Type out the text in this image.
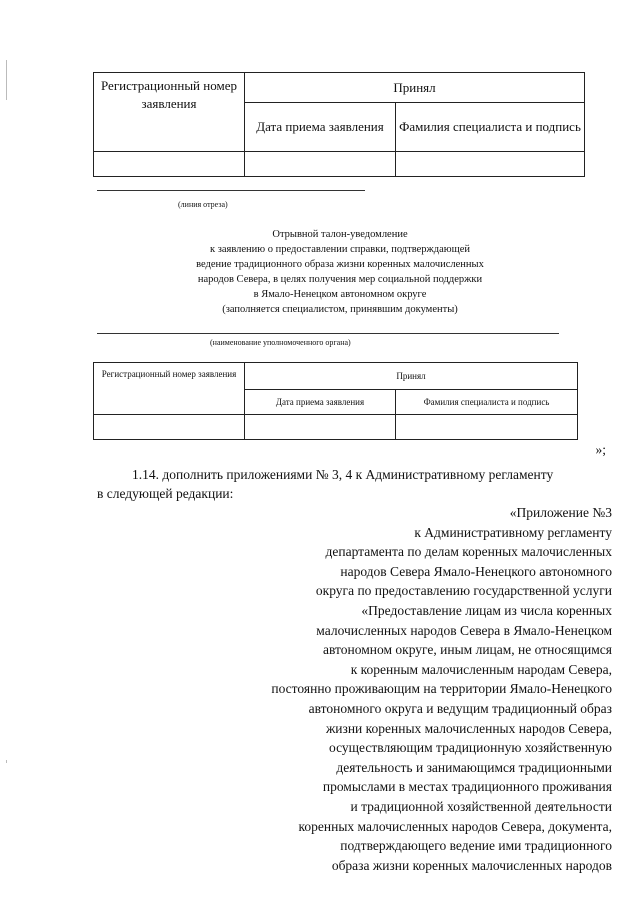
Регистрационный номер заявления	Принял	
	Дата приема заявления	Фамилия специалиста и подпись

(линия отреза)
Отрывной талон-уведомление
к заявлению о предоставлении справки, подтверждающей
ведение традиционного образа жизни коренных малочисленных
народов Севера, в целях получения мер социальной поддержки
в Ямало-Ненецком автономном округе
(заполняется специалистом, принявшим документы)
(наименование уполномоченного органа)
Регистрационный номер заявления	Принял	
	Дата приема заявления	Фамилия специалиста и подпись

»;
1.14. дополнить приложениями № 3, 4 к Административному регламенту
в следующей редакции:
«Приложение №3
к Административному регламенту
департамента по делам коренных малочисленных
народов Севера Ямало-Ненецкого автономного
округа по предоставлению государственной услуги
«Предоставление лицам из числа коренных
малочисленных народов Севера в Ямало-Ненецком
автономном округе, иным лицам, не относящимся
к коренным малочисленным народам Севера,
постоянно проживающим на территории Ямало-Ненецкого
автономного округа и ведущим традиционный образ
жизни коренных малочисленных народов Севера,
осуществляющим традиционную хозяйственную
деятельность и занимающимся традиционными
промыслами в местах традиционного проживания
и традиционной хозяйственной деятельности
коренных малочисленных народов Севера, документа,
подтверждающего ведение ими традиционного
образа жизни коренных малочисленных народов
